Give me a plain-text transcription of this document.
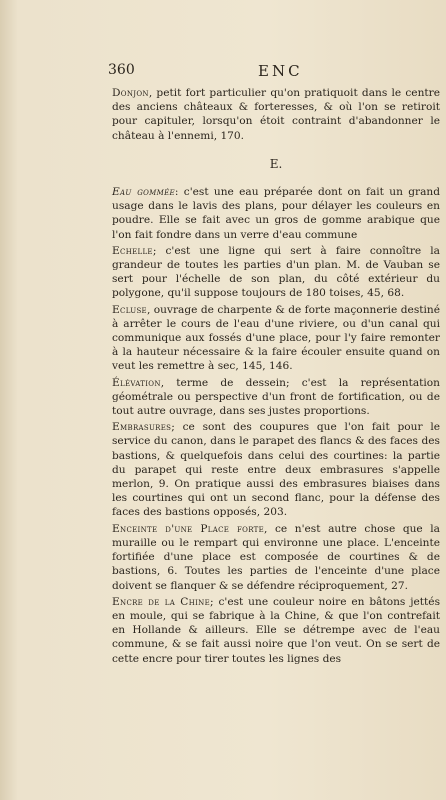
360	ENC

Donjon, petit fort particulier qu'on pratiquoit dans le centre des anciens châteaux & forteresses, & où l'on se retiroit pour capituler, lorsqu'on étoit contraint d'abandonner le château à l'ennemi, 170.

E.

Eau gommée: c'est une eau préparée dont on fait un grand usage dans le lavis des plans, pour délayer les couleurs en poudre. Elle se fait avec un gros de gomme arabique que l'on fait fondre dans un verre d'eau commune

Echelle; c'est une ligne qui sert à faire connoître la grandeur de toutes les parties d'un plan. M. de Vauban se sert pour l'échelle de son plan, du côté extérieur du polygone, qu'il suppose toujours de 180 toises, 45, 68.

Ecluse, ouvrage de charpente & de forte maçonnerie destiné à arrêter le cours de l'eau d'une riviere, ou d'un canal qui communique aux fossés d'une place, pour l'y faire remonter à la hauteur nécessaire & la faire écouler ensuite quand on veut les remettre à sec, 145, 146.

Élévation, terme de dessein; c'est la représentation géométrale ou perspective d'un front de fortification, ou de tout autre ouvrage, dans ses justes proportions.

Embrasures; ce sont des coupures que l'on fait pour le service du canon, dans le parapet des flancs & des faces des bastions, & quelquefois dans celui des courtines: la partie du parapet qui reste entre deux embrasures s'appelle merlon, 9. On pratique aussi des embrasures biaises dans les courtines qui ont un second flanc, pour la défense des faces des bastions opposés, 203.

Enceinte d'une Place forte, ce n'est autre chose que la muraille ou le rempart qui environne une place. L'enceinte fortifiée d'une place est composée de courtines & de bastions, 6. Toutes les parties de l'enceinte d'une place doivent se flanquer & se défendre réciproquement, 27.

Encre de la Chine; c'est une couleur noire en bâtons jettés en moule, qui se fabrique à la Chine, & que l'on contrefait en Hollande & ailleurs. Elle se détrempe avec de l'eau commune, & se fait aussi noire que l'on veut. On se sert de cette encre pour tirer toutes les lignes des
